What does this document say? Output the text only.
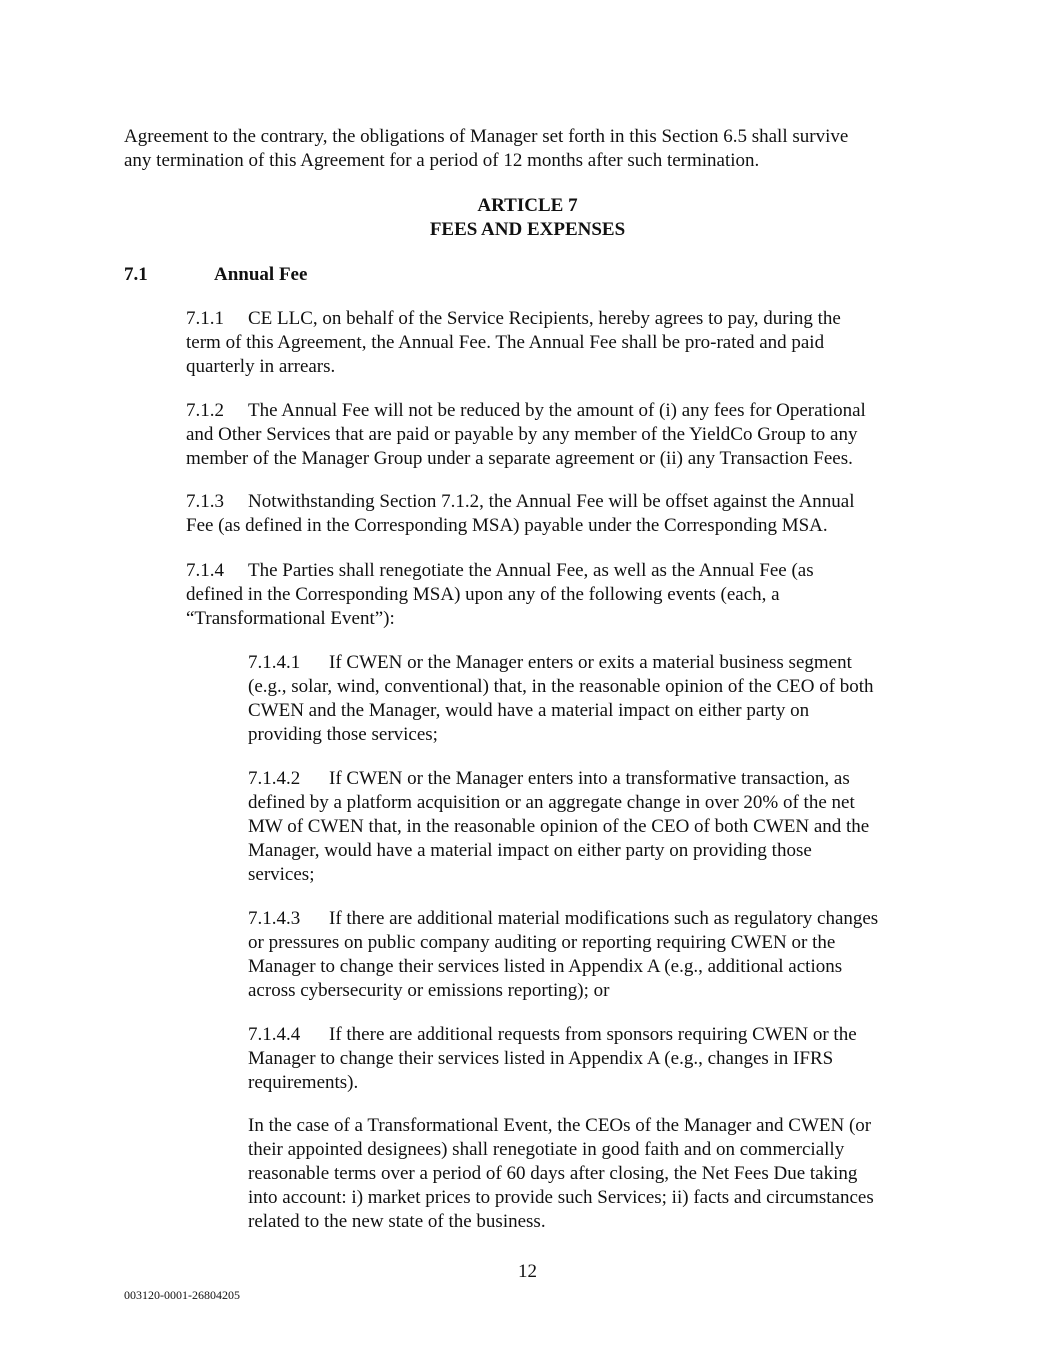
Agreement to the contrary, the obligations of Manager set forth in this Section 6.5 shall survive
any termination of this Agreement for a period of 12 months after such termination.

ARTICLE 7
FEES AND EXPENSES
7.1	Annual Fee

7.1.1 CE LLC, on behalf of the Service Recipients, hereby agrees to pay, during the
term of this Agreement, the Annual Fee. The Annual Fee shall be pro-rated and paid
quarterly in arrears.

7.1.2 The Annual Fee will not be reduced by the amount of (i) any fees for Operational
and Other Services that are paid or payable by any member of the YieldCo Group to any
member of the Manager Group under a separate agreement or (ii) any Transaction Fees.

7.1.3 Notwithstanding Section 7.1.2, the Annual Fee will be offset against the Annual
Fee (as defined in the Corresponding MSA) payable under the Corresponding MSA.

7.1.4 The Parties shall renegotiate the Annual Fee, as well as the Annual Fee (as
defined in the Corresponding MSA) upon any of the following events (each, a
“Transformational Event”):

7.1.4.1 If CWEN or the Manager enters or exits a material business segment
(e.g., solar, wind, conventional) that, in the reasonable opinion of the CEO of both
CWEN and the Manager, would have a material impact on either party on
providing those services;

7.1.4.2 If CWEN or the Manager enters into a transformative transaction, as
defined by a platform acquisition or an aggregate change in over 20% of the net
MW of CWEN that, in the reasonable opinion of the CEO of both CWEN and the
Manager, would have a material impact on either party on providing those
services;

7.1.4.3 If there are additional material modifications such as regulatory changes
or pressures on public company auditing or reporting requiring CWEN or the
Manager to change their services listed in Appendix A (e.g., additional actions
across cybersecurity or emissions reporting); or

7.1.4.4 If there are additional requests from sponsors requiring CWEN or the
Manager to change their services listed in Appendix A (e.g., changes in IFRS
requirements).

In the case of a Transformational Event, the CEOs of the Manager and CWEN (or
their appointed designees) shall renegotiate in good faith and on commercially
reasonable terms over a period of 60 days after closing, the Net Fees Due taking
into account: i) market prices to provide such Services; ii) facts and circumstances
related to the new state of the business.

12
003120-0001-26804205
